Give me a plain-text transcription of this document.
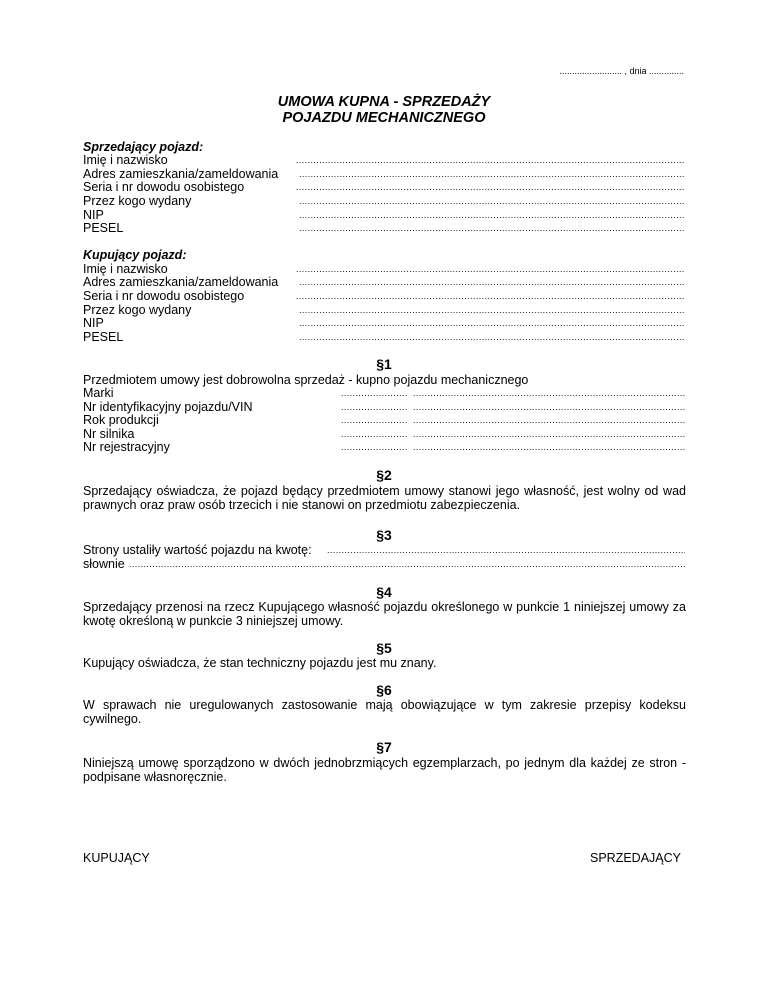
......................... , dnia ..............
UMOWA KUPNA - SPRZEDAŻY
POJAZDU MECHANICZNEGO
Sprzedający pojazd:
Imię i nazwisko
.....
Adres zamieszkania/zameldowania
.....
Seria i nr dowodu osobistego
.....
Przez kogo wydany
.....
NIP
.....
PESEL
.....
Kupujący pojazd:
Imię i nazwisko
.....
Adres zamieszkania/zameldowania
.....
Seria i nr dowodu osobistego
.....
Przez kogo wydany
.....
NIP
.....
PESEL
.....
§1
Przedmiotem umowy jest dobrowolna sprzedaż - kupno pojazdu mechanicznego
Marki
.....
.....
Nr identyfikacyjny pojazdu/VIN
.....
.....
Rok produkcji
.....
.....
Nr silnika
.....
.....
Nr rejestracyjny
.....
.....
§2
Sprzedający oświadcza, że pojazd będący przedmiotem umowy stanowi jego własność, jest wolny od wad prawnych oraz praw osób trzecich i nie stanowi on przedmiotu zabezpieczenia.
§3
Strony ustaliły wartość pojazdu na kwotę:
.....
słownie
.....
§4
Sprzedający przenosi na rzecz Kupującego własność pojazdu określonego w punkcie 1 niniejszej umowy za kwotę określoną w punkcie 3 niniejszej umowy.
§5
Kupujący oświadcza, że stan techniczny pojazdu jest mu znany.
§6
W sprawach nie uregulowanych zastosowanie mają obowiązujące w tym zakresie przepisy kodeksu cywilnego.
§7
Niniejszą umowę sporządzono w dwóch jednobrzmiących egzemplarzach, po jednym dla każdej ze stron - podpisane własnoręcznie.
KUPUJĄCY	SPRZEDAJĄCY
